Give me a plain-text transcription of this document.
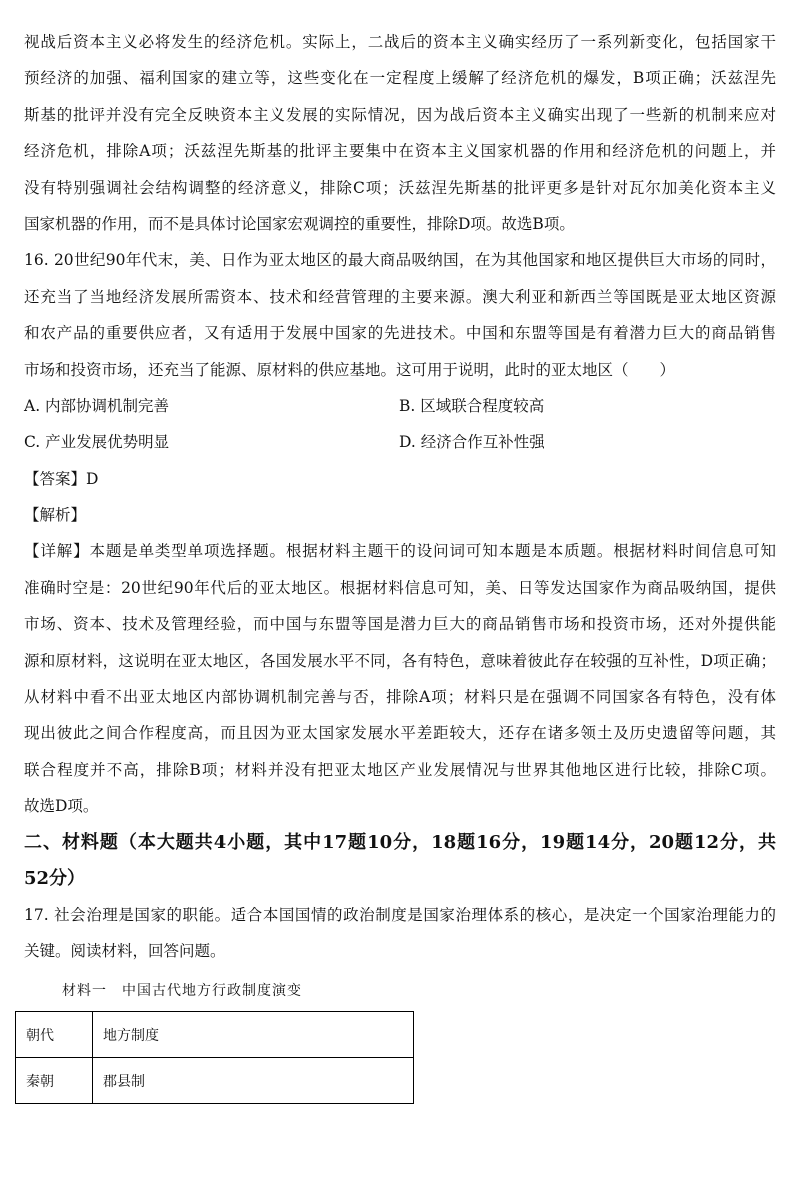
视战后资本主义必将发生的经济危机。实际上，二战后的资本主义确实经历了一系列新变化，包括国家干
预经济的加强、福利国家的建立等，这些变化在一定程度上缓解了经济危机的爆发，B项正确；沃兹涅先
斯基的批评并没有完全反映资本主义发展的实际情况，因为战后资本主义确实出现了一些新的机制来应对
经济危机，排除A项；沃兹涅先斯基的批评主要集中在资本主义国家机器的作用和经济危机的问题上，并
没有特别强调社会结构调整的经济意义，排除C项；沃兹涅先斯基的批评更多是针对瓦尔加美化资本主义
国家机器的作用，而不是具体讨论国家宏观调控的重要性，排除D项。故选B项。
16. 20世纪90年代末，美、日作为亚太地区的最大商品吸纳国，在为其他国家和地区提供巨大市场的同时，
还充当了当地经济发展所需资本、技术和经营管理的主要来源。澳大利亚和新西兰等国既是亚太地区资源
和农产品的重要供应者，又有适用于发展中国家的先进技术。中国和东盟等国是有着潜力巨大的商品销售
市场和投资市场，还充当了能源、原材料的供应基地。这可用于说明，此时的亚太地区（　　）
A. 内部协调机制完善	B. 区域联合程度较高
C. 产业发展优势明显	D. 经济合作互补性强
【答案】D
【解析】
【详解】本题是单类型单项选择题。根据材料主题干的设问词可知本题是本质题。根据材料时间信息可知
准确时空是：20世纪90年代后的亚太地区。根据材料信息可知，美、日等发达国家作为商品吸纳国，提供
市场、资本、技术及管理经验，而中国与东盟等国是潜力巨大的商品销售市场和投资市场，还对外提供能
源和原材料，这说明在亚太地区，各国发展水平不同，各有特色，意味着彼此存在较强的互补性，D项正确；
从材料中看不出亚太地区内部协调机制完善与否，排除A项；材料只是在强调不同国家各有特色，没有体
现出彼此之间合作程度高，而且因为亚太国家发展水平差距较大，还存在诸多领土及历史遗留等问题，其
联合程度并不高，排除B项；材料并没有把亚太地区产业发展情况与世界其他地区进行比较，排除C项。
故选D项。
二、材料题（本大题共4小题，其中17题10分，18题16分，19题14分，20题12分，共
52分）
17. 社会治理是国家的职能。适合本国国情的政治制度是国家治理体系的核心，是决定一个国家治理能力的
关键。阅读材料，回答问题。
材料一　中国古代地方行政制度演变
朝代	地方制度
秦朝	郡县制
